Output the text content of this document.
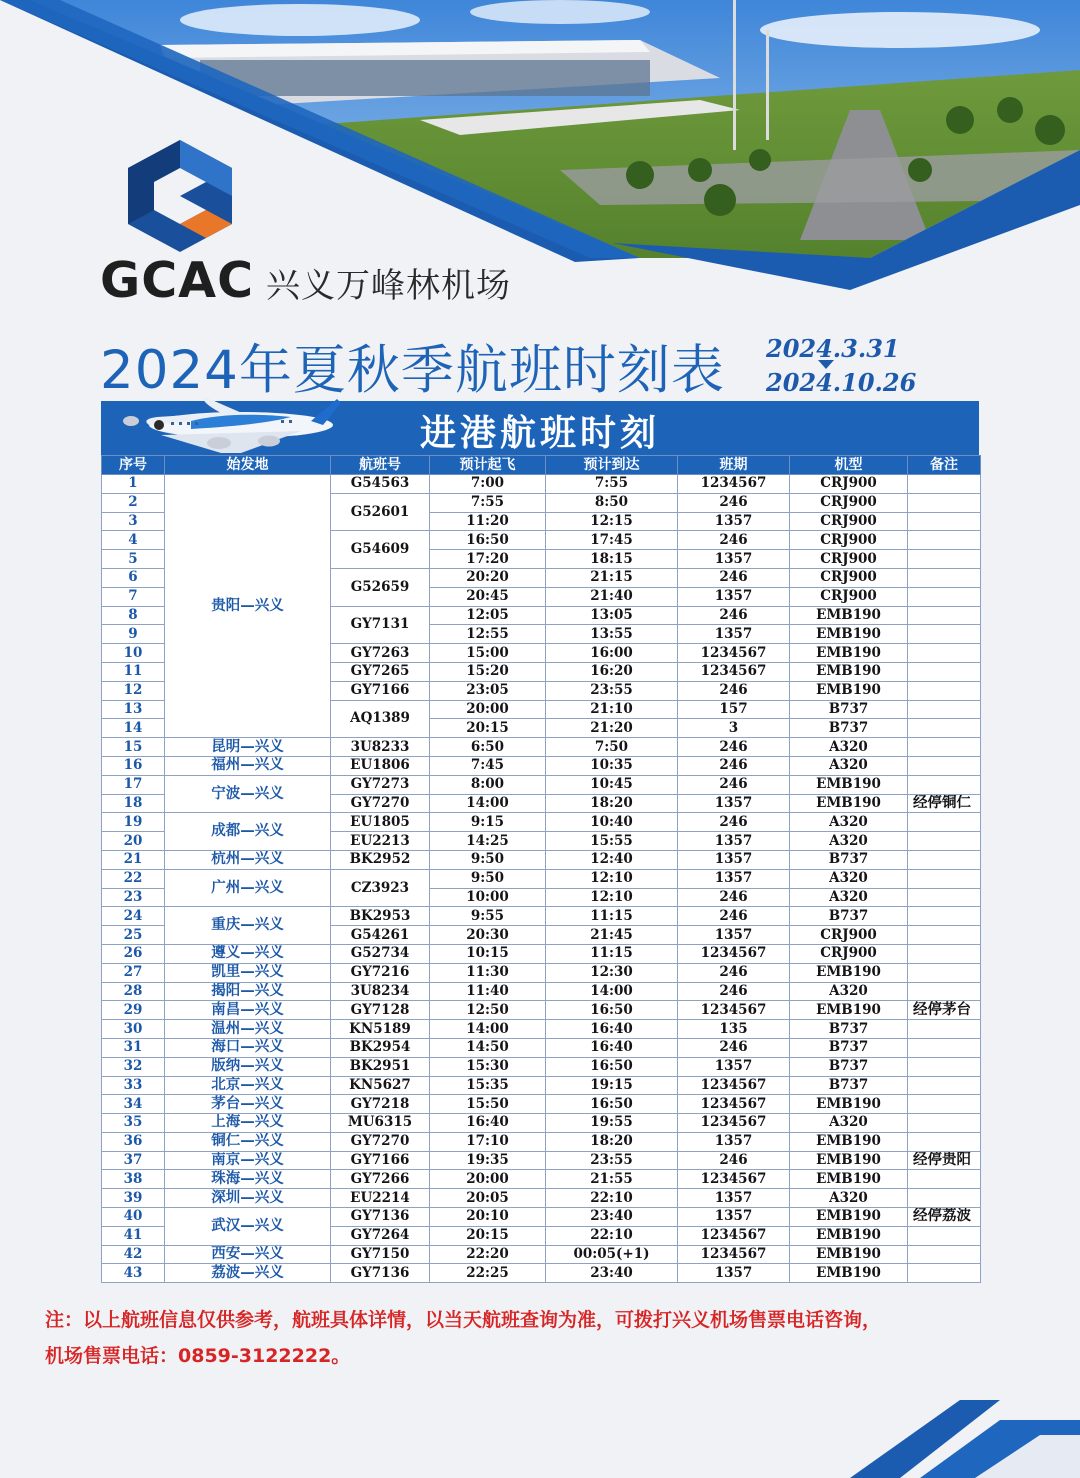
GCAC 兴义万峰林机场
2024年夏秋季航班时刻表 2024.3.31
2024.10.26
进港航班时刻
序号	始发地	航班号	预计起飞	预计到达	班期	机型	备注
1	贵阳—兴义	G54563	7:00	7:55	1234567	CRJ900	
2		G52601	7:55	8:50	246	CRJ900	
3			11:20	12:15	1357	CRJ900	
4		G54609	16:50	17:45	246	CRJ900	
5			17:20	18:15	1357	CRJ900	
6		G52659	20:20	21:15	246	CRJ900	
7			20:45	21:40	1357	CRJ900	
8		GY7131	12:05	13:05	246	EMB190	
9			12:55	13:55	1357	EMB190	
10		GY7263	15:00	16:00	1234567	EMB190	
11		GY7265	15:20	16:20	1234567	EMB190	
12		GY7166	23:05	23:55	246	EMB190	
13		AQ1389	20:00	21:10	157	B737	
14			20:15	21:20	3	B737	
15	昆明—兴义	3U8233	6:50	7:50	246	A320	
16	福州—兴义	EU1806	7:45	10:35	246	A320	
17	宁波—兴义	GY7273	8:00	10:45	246	EMB190	
18		GY7270	14:00	18:20	1357	EMB190	经停铜仁
19	成都—兴义	EU1805	9:15	10:40	246	A320	
20		EU2213	14:25	15:55	1357	A320	
21	杭州—兴义	BK2952	9:50	12:40	1357	B737	
22	广州—兴义	CZ3923	9:50	12:10	1357	A320	
23			10:00	12:10	246	A320	
24	重庆—兴义	BK2953	9:55	11:15	246	B737	
25		G54261	20:30	21:45	1357	CRJ900	
26	遵义—兴义	G52734	10:15	11:15	1234567	CRJ900	
27	凯里—兴义	GY7216	11:30	12:30	246	EMB190	
28	揭阳—兴义	3U8234	11:40	14:00	246	A320	
29	南昌—兴义	GY7128	12:50	16:50	1234567	EMB190	经停茅台
30	温州—兴义	KN5189	14:00	16:40	135	B737	
31	海口—兴义	BK2954	14:50	16:40	246	B737	
32	版纳—兴义	BK2951	15:30	16:50	1357	B737	
33	北京—兴义	KN5627	15:35	19:15	1234567	B737	
34	茅台—兴义	GY7218	15:50	16:50	1234567	EMB190	
35	上海—兴义	MU6315	16:40	19:55	1234567	A320	
36	铜仁—兴义	GY7270	17:10	18:20	1357	EMB190	
37	南京—兴义	GY7166	19:35	23:55	246	EMB190	经停贵阳
38	珠海—兴义	GY7266	20:00	21:55	1234567	EMB190	
39	深圳—兴义	EU2214	20:05	22:10	1357	A320	
40	武汉—兴义	GY7136	20:10	23:40	1357	EMB190	经停荔波
41		GY7264	20:15	22:10	1234567	EMB190	
42	西安—兴义	GY7150	22:20	00:05(+1)	1234567	EMB190	
43	荔波—兴义	GY7136	22:25	23:40	1357	EMB190	
注：以上航班信息仅供参考，航班具体详情，以当天航班查询为准，可拨打兴义机场售票电话咨询，
机场售票电话：0859-3122222。
